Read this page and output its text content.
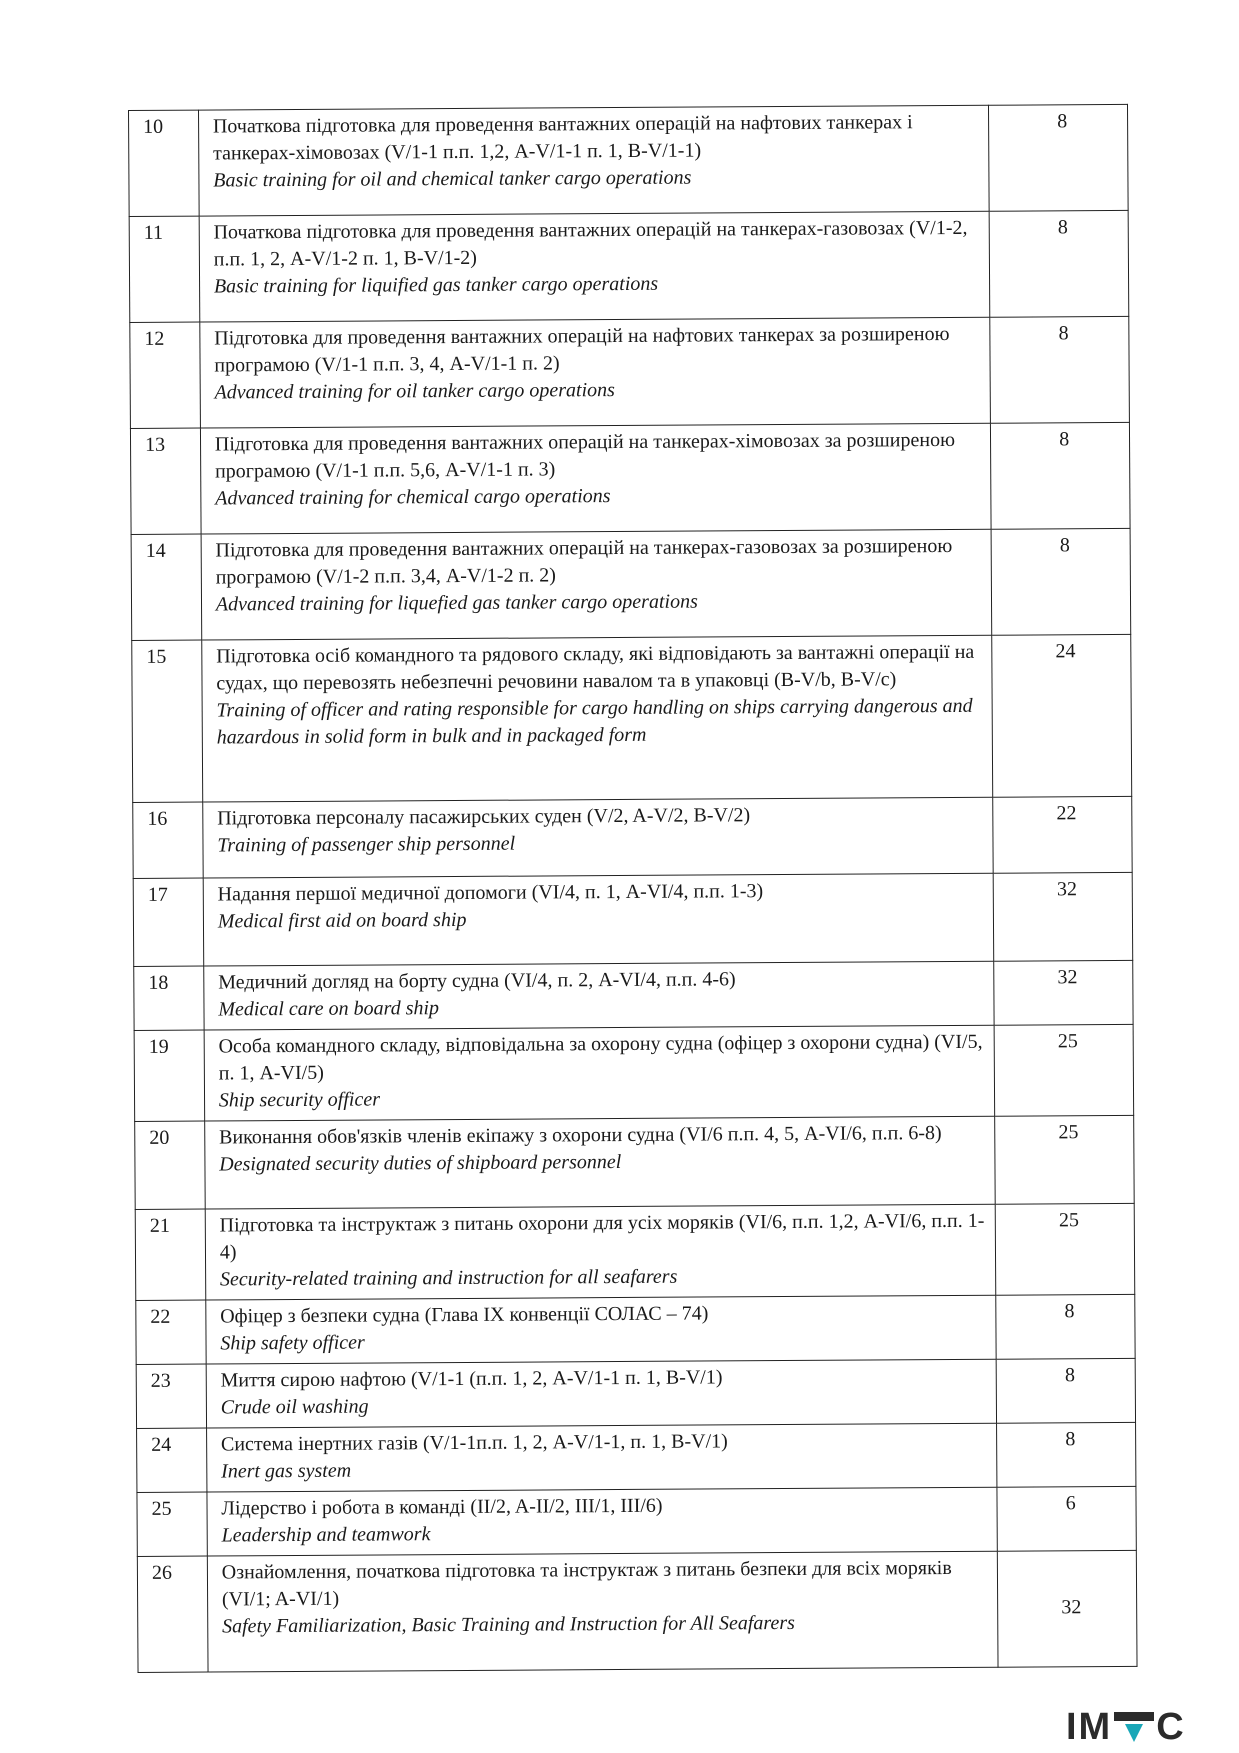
10	Початкова підготовка для проведення вантажних операцій на нафтових танкерах і танкерах-хімовозах (V/1-1 п.п. 1,2, A-V/1-1 п. 1, B-V/1-1)
Basic training for oil and chemical tanker cargo operations	8
11	Початкова підготовка для проведення вантажних операцій на танкерах-газовозах (V/1-2, п.п. 1, 2, A-V/1-2 п. 1, B-V/1-2)
Basic training for liquified gas tanker cargo operations	8
12	Підготовка для проведення вантажних операцій на нафтових танкерах за розширеною програмою (V/1-1 п.п. 3, 4, A-V/1-1 п. 2)
Advanced training for oil tanker cargo operations	8
13	Підготовка для проведення вантажних операцій на танкерах-хімовозах за розширеною програмою (V/1-1 п.п. 5,6, A-V/1-1 п. 3)
Advanced training for chemical cargo operations	8
14	Підготовка для проведення вантажних операцій на танкерах-газовозах за розширеною програмою (V/1-2 п.п. 3,4, A-V/1-2 п. 2)
Advanced training for liquefied gas tanker cargo operations	8
15	Підготовка осіб командного та рядового складу, які відповідають за вантажні операції на судах, що перевозять небезпечні речовини навалом та в упаковці (B-V/b, B-V/c)
Training of officer and rating responsible for cargo handling on ships carrying dangerous and hazardous in solid form in bulk and in packaged form	24
16	Підготовка персоналу пасажирських суден (V/2, A-V/2, B-V/2)
Training of passenger ship personnel	22
17	Надання першої медичної допомоги (VI/4, п. 1, A-VI/4, п.п. 1-3)
Medical first aid on board ship	32
18	Медичний догляд на борту судна (VI/4, п. 2, A-VI/4, п.п. 4-6)
Medical care on board ship	32
19	Особа командного складу, відповідальна за охорону судна (офіцер з охорони судна) (VI/5, п. 1, A-VI/5)
Ship security officer	25
20	Виконання обов'язків членів екіпажу з охорони судна (VI/6 п.п. 4, 5, A-VI/6, п.п. 6-8)
Designated security duties of shipboard personnel	25
21	Підготовка та інструктаж з питань охорони для усіх моряків (VI/6, п.п. 1,2, A-VI/6, п.п. 1-4)
Security-related training and instruction for all seafarers	25
22	Офіцер з безпеки судна (Глава IX конвенції СОЛАС – 74)
Ship safety officer	8
23	Миття сирою нафтою (V/1-1 (п.п. 1, 2, A-V/1-1 п. 1, B-V/1)
Crude oil washing	8
24	Система інертних газів (V/1-1п.п. 1, 2, A-V/1-1, п. 1, B-V/1)
Inert gas system	8
25	Лідерство і робота в команді (II/2, A-II/2, III/1, III/6)
Leadership and teamwork	6
26	Ознайомлення, початкова підготовка та інструктаж з питань безпеки для всіх моряків (VI/1; A-VI/1)
Safety Familiarization, Basic Training and Instruction for All Seafarers	32
IM C
